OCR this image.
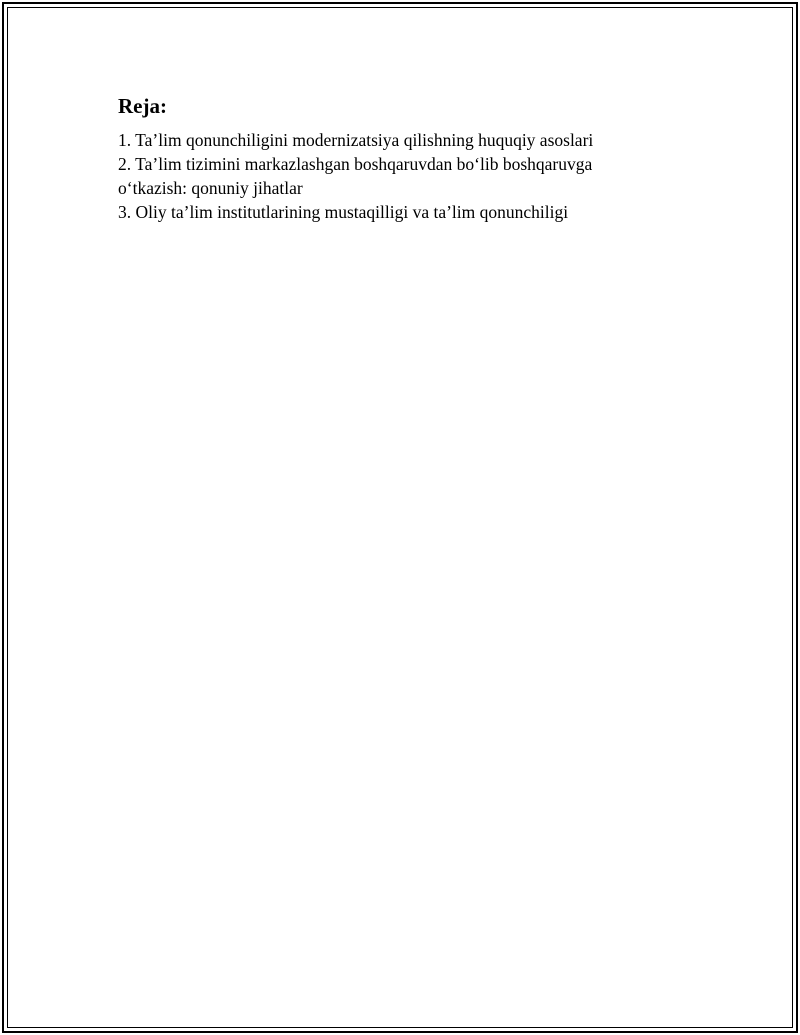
Reja:
1. Ta’lim qonunchiligini modernizatsiya qilishning huquqiy asoslari
2. Ta’lim tizimini markazlashgan boshqaruvdan bo‘lib boshqaruvga o‘tkazish: qonuniy jihatlar
3. Oliy ta’lim institutlarining mustaqilligi va ta’lim qonunchiligi
